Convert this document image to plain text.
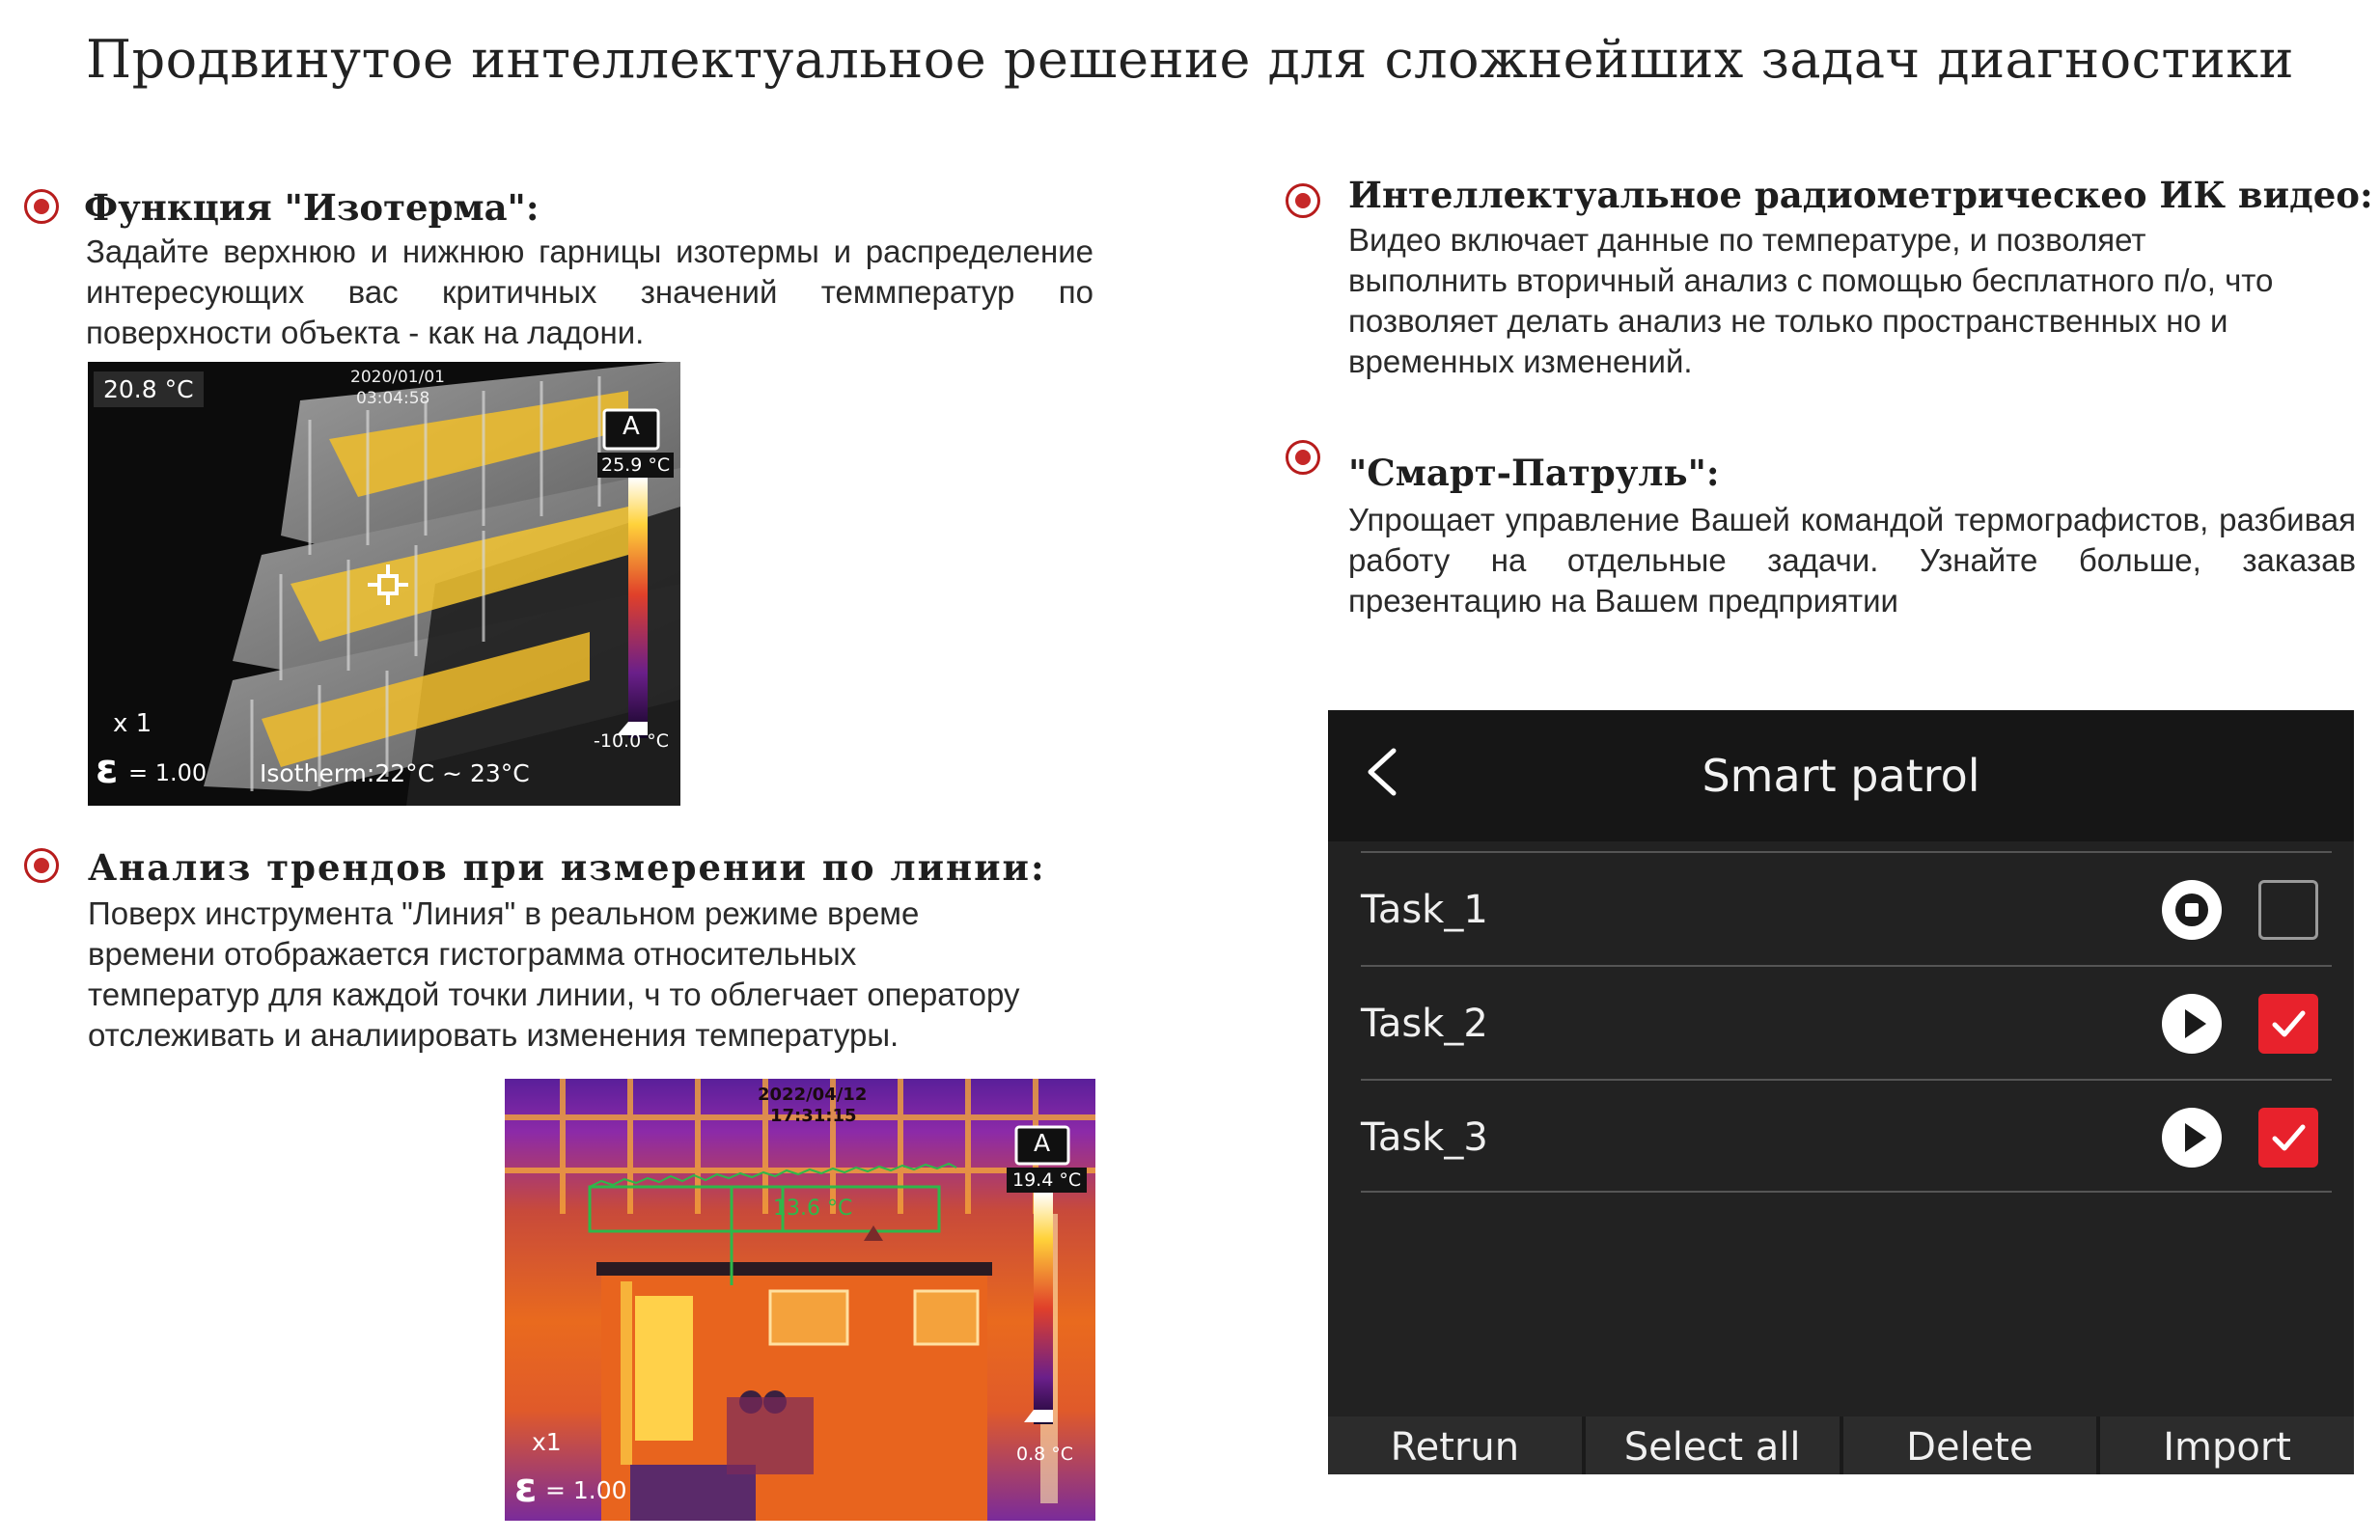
Продвинутое интеллектуальное решение для сложнейших задач диагностики
Функция "Изотерма":
Задайте верхнюю и нижнюю гарницы изотермы и распределение интересующих вас критичных значений теммператур по поверхности объекта - как на ладони.
20.8 °C	2020/01/01
03:04:58
A
25.9 °C
-10.0 °C
x 1
ε = 1.00 Isotherm:22°C ~ 23°C
Анализ трендов при измерении по линии:
Поверх инструмента "Линия" в реальном режиме време
времени отображается гистограмма относительных
температур для каждой точки линии, ч то облегчает оператору
отслеживать и аналиировать изменения температуры.
2022/04/12
17:31:15
A
19.4 °C
13.6 °C
0.8 °C
x1
ε = 1.00
Интеллектуальное радиометрическео ИК видео:
Видео включает данные по температуре, и позволяет
выполнить вторичный анализ с помощью бесплатного п/о, что
позволяет делать анализ не только пространственных но и
временных изменений.
"Смарт-Патруль":
Упрощает управление Вашей командой термографистов, разбивая работу на отдельные задачи. Узнайте больше, заказав презентацию на Вашем предприятии
Smart patrol
Task_1
Task_2
Task_3
Retrun	Select all	Delete	Import
